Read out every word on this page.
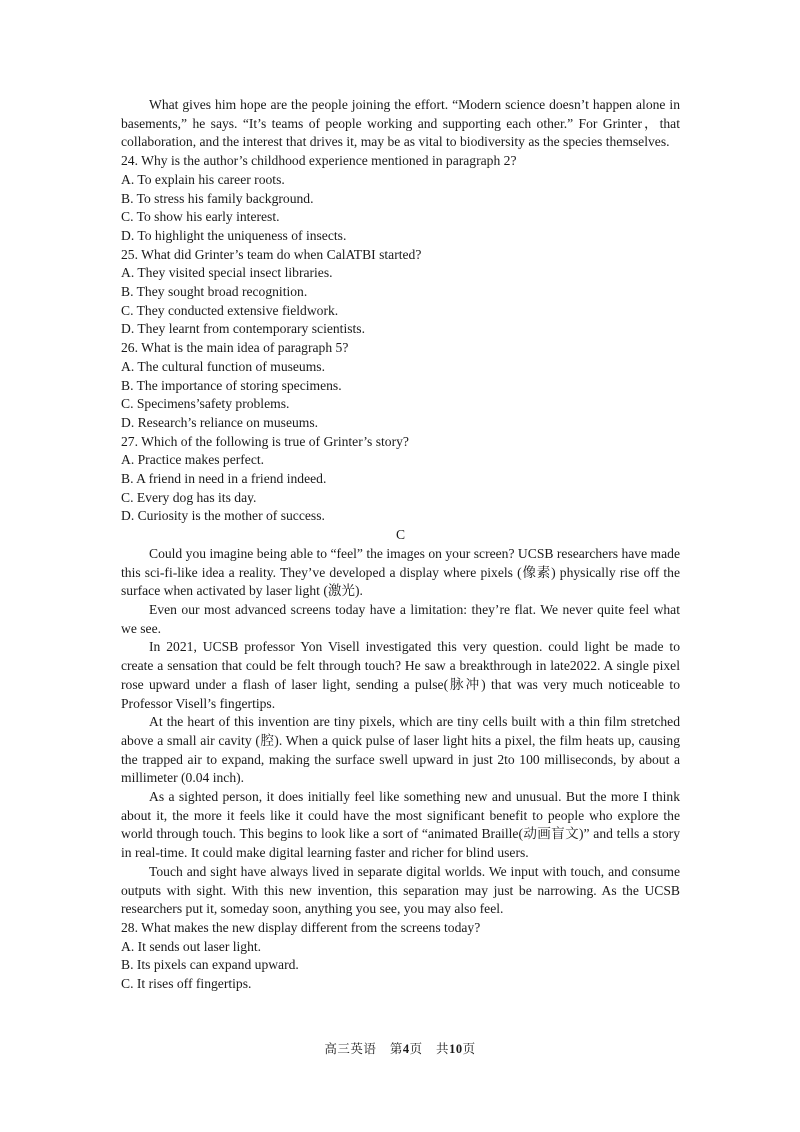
What gives him hope are the people joining the effort. “Modern science doesn’t happen alone in basements,” he says. “It’s teams of people working and supporting each other.” For Grinter，that collaboration, and the interest that drives it, may be as vital to biodiversity as the species themselves.

24. Why is the author’s childhood experience mentioned in paragraph 2?

A. To explain his career roots.

B. To stress his family background.

C. To show his early interest.

D. To highlight the uniqueness of insects.

25. What did Grinter’s team do when CalATBI started?

A. They visited special insect libraries.

B. They sought broad recognition.

C. They conducted extensive fieldwork.

D. They learnt from contemporary scientists.

26. What is the main idea of paragraph 5?

A. The cultural function of museums.

B. The importance of storing specimens.

C. Specimens’safety problems.

D. Research’s reliance on museums.

27. Which of the following is true of Grinter’s story?

A. Practice makes perfect.

B. A friend in need in a friend indeed.

C. Every dog has its day.

D. Curiosity is the mother of success.

C

Could you imagine being able to “feel” the images on your screen? UCSB researchers have made this sci-fi-like idea a reality. They’ve developed a display where pixels (像素) physically rise off the surface when activated by laser light (激光).

Even our most advanced screens today have a limitation: they’re flat. We never quite feel what we see.

In 2021, UCSB professor Yon Visell investigated this very question. could light be made to create a sensation that could be felt through touch? He saw a breakthrough in late2022. A single pixel rose upward under a flash of laser light, sending a pulse(脉冲) that was very much noticeable to Professor Visell’s fingertips.

At the heart of this invention are tiny pixels, which are tiny cells built with a thin film stretched above a small air cavity (腔). When a quick pulse of laser light hits a pixel, the film heats up, causing the trapped air to expand, making the surface swell upward in just 2to 100 milliseconds, by about a millimeter (0.04 inch).

As a sighted person, it does initially feel like something new and unusual. But the more I think about it, the more it feels like it could have the most significant benefit to people who explore the world through touch. This begins to look like a sort of “animated Braille(动画盲文)” and tells a story in real-time. It could make digital learning faster and richer for blind users.

Touch and sight have always lived in separate digital worlds. We input with touch, and consume outputs with sight. With this new invention, this separation may just be narrowing. As the UCSB researchers put it, someday soon, anything you see, you may also feel.

28. What makes the new display different from the screens today?

A. It sends out laser light.

B. Its pixels can expand upward.

C. It rises off fingertips.

高三英语 第4页 共10页
